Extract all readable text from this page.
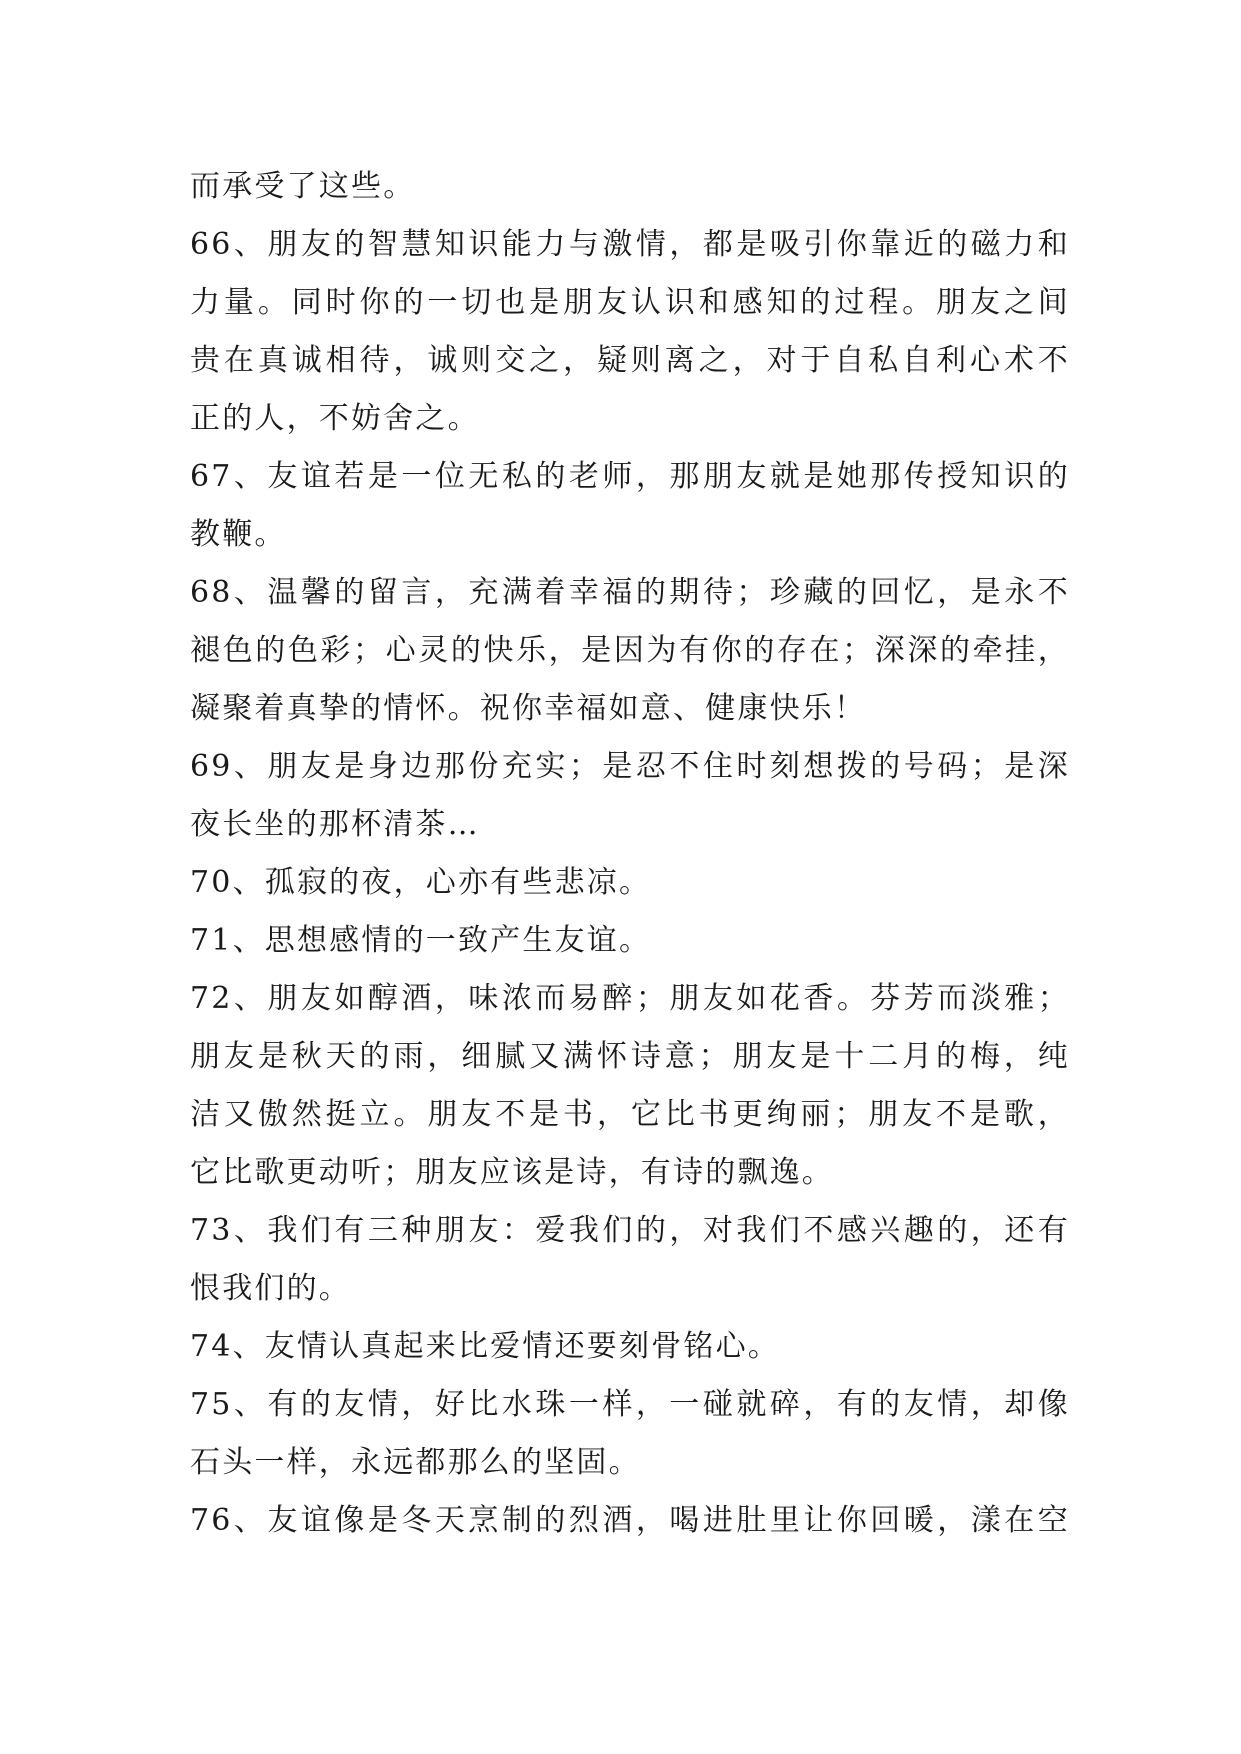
而承受了这些。
66、朋友的智慧知识能力与激情，都是吸引你靠近的磁力和
力量。同时你的一切也是朋友认识和感知的过程。朋友之间
贵在真诚相待，诚则交之，疑则离之，对于自私自利心术不
正的人，不妨舍之。
67、友谊若是一位无私的老师，那朋友就是她那传授知识的
教鞭。
68、温馨的留言，充满着幸福的期待；珍藏的回忆，是永不
褪色的色彩；心灵的快乐，是因为有你的存在；深深的牵挂，
凝聚着真挚的情怀。祝你幸福如意、健康快乐！
69、朋友是身边那份充实；是忍不住时刻想拨的号码；是深
夜长坐的那杯清茶…
70、孤寂的夜，心亦有些悲凉。
71、思想感情的一致产生友谊。
72、朋友如醇酒，味浓而易醉；朋友如花香。芬芳而淡雅；
朋友是秋天的雨，细腻又满怀诗意；朋友是十二月的梅，纯
洁又傲然挺立。朋友不是书，它比书更绚丽；朋友不是歌，
它比歌更动听；朋友应该是诗，有诗的飘逸。
73、我们有三种朋友：爱我们的，对我们不感兴趣的，还有
恨我们的。
74、友情认真起来比爱情还要刻骨铭心。
75、有的友情，好比水珠一样，一碰就碎，有的友情，却像
石头一样，永远都那么的坚固。
76、友谊像是冬天烹制的烈酒，喝进肚里让你回暖，漾在空
